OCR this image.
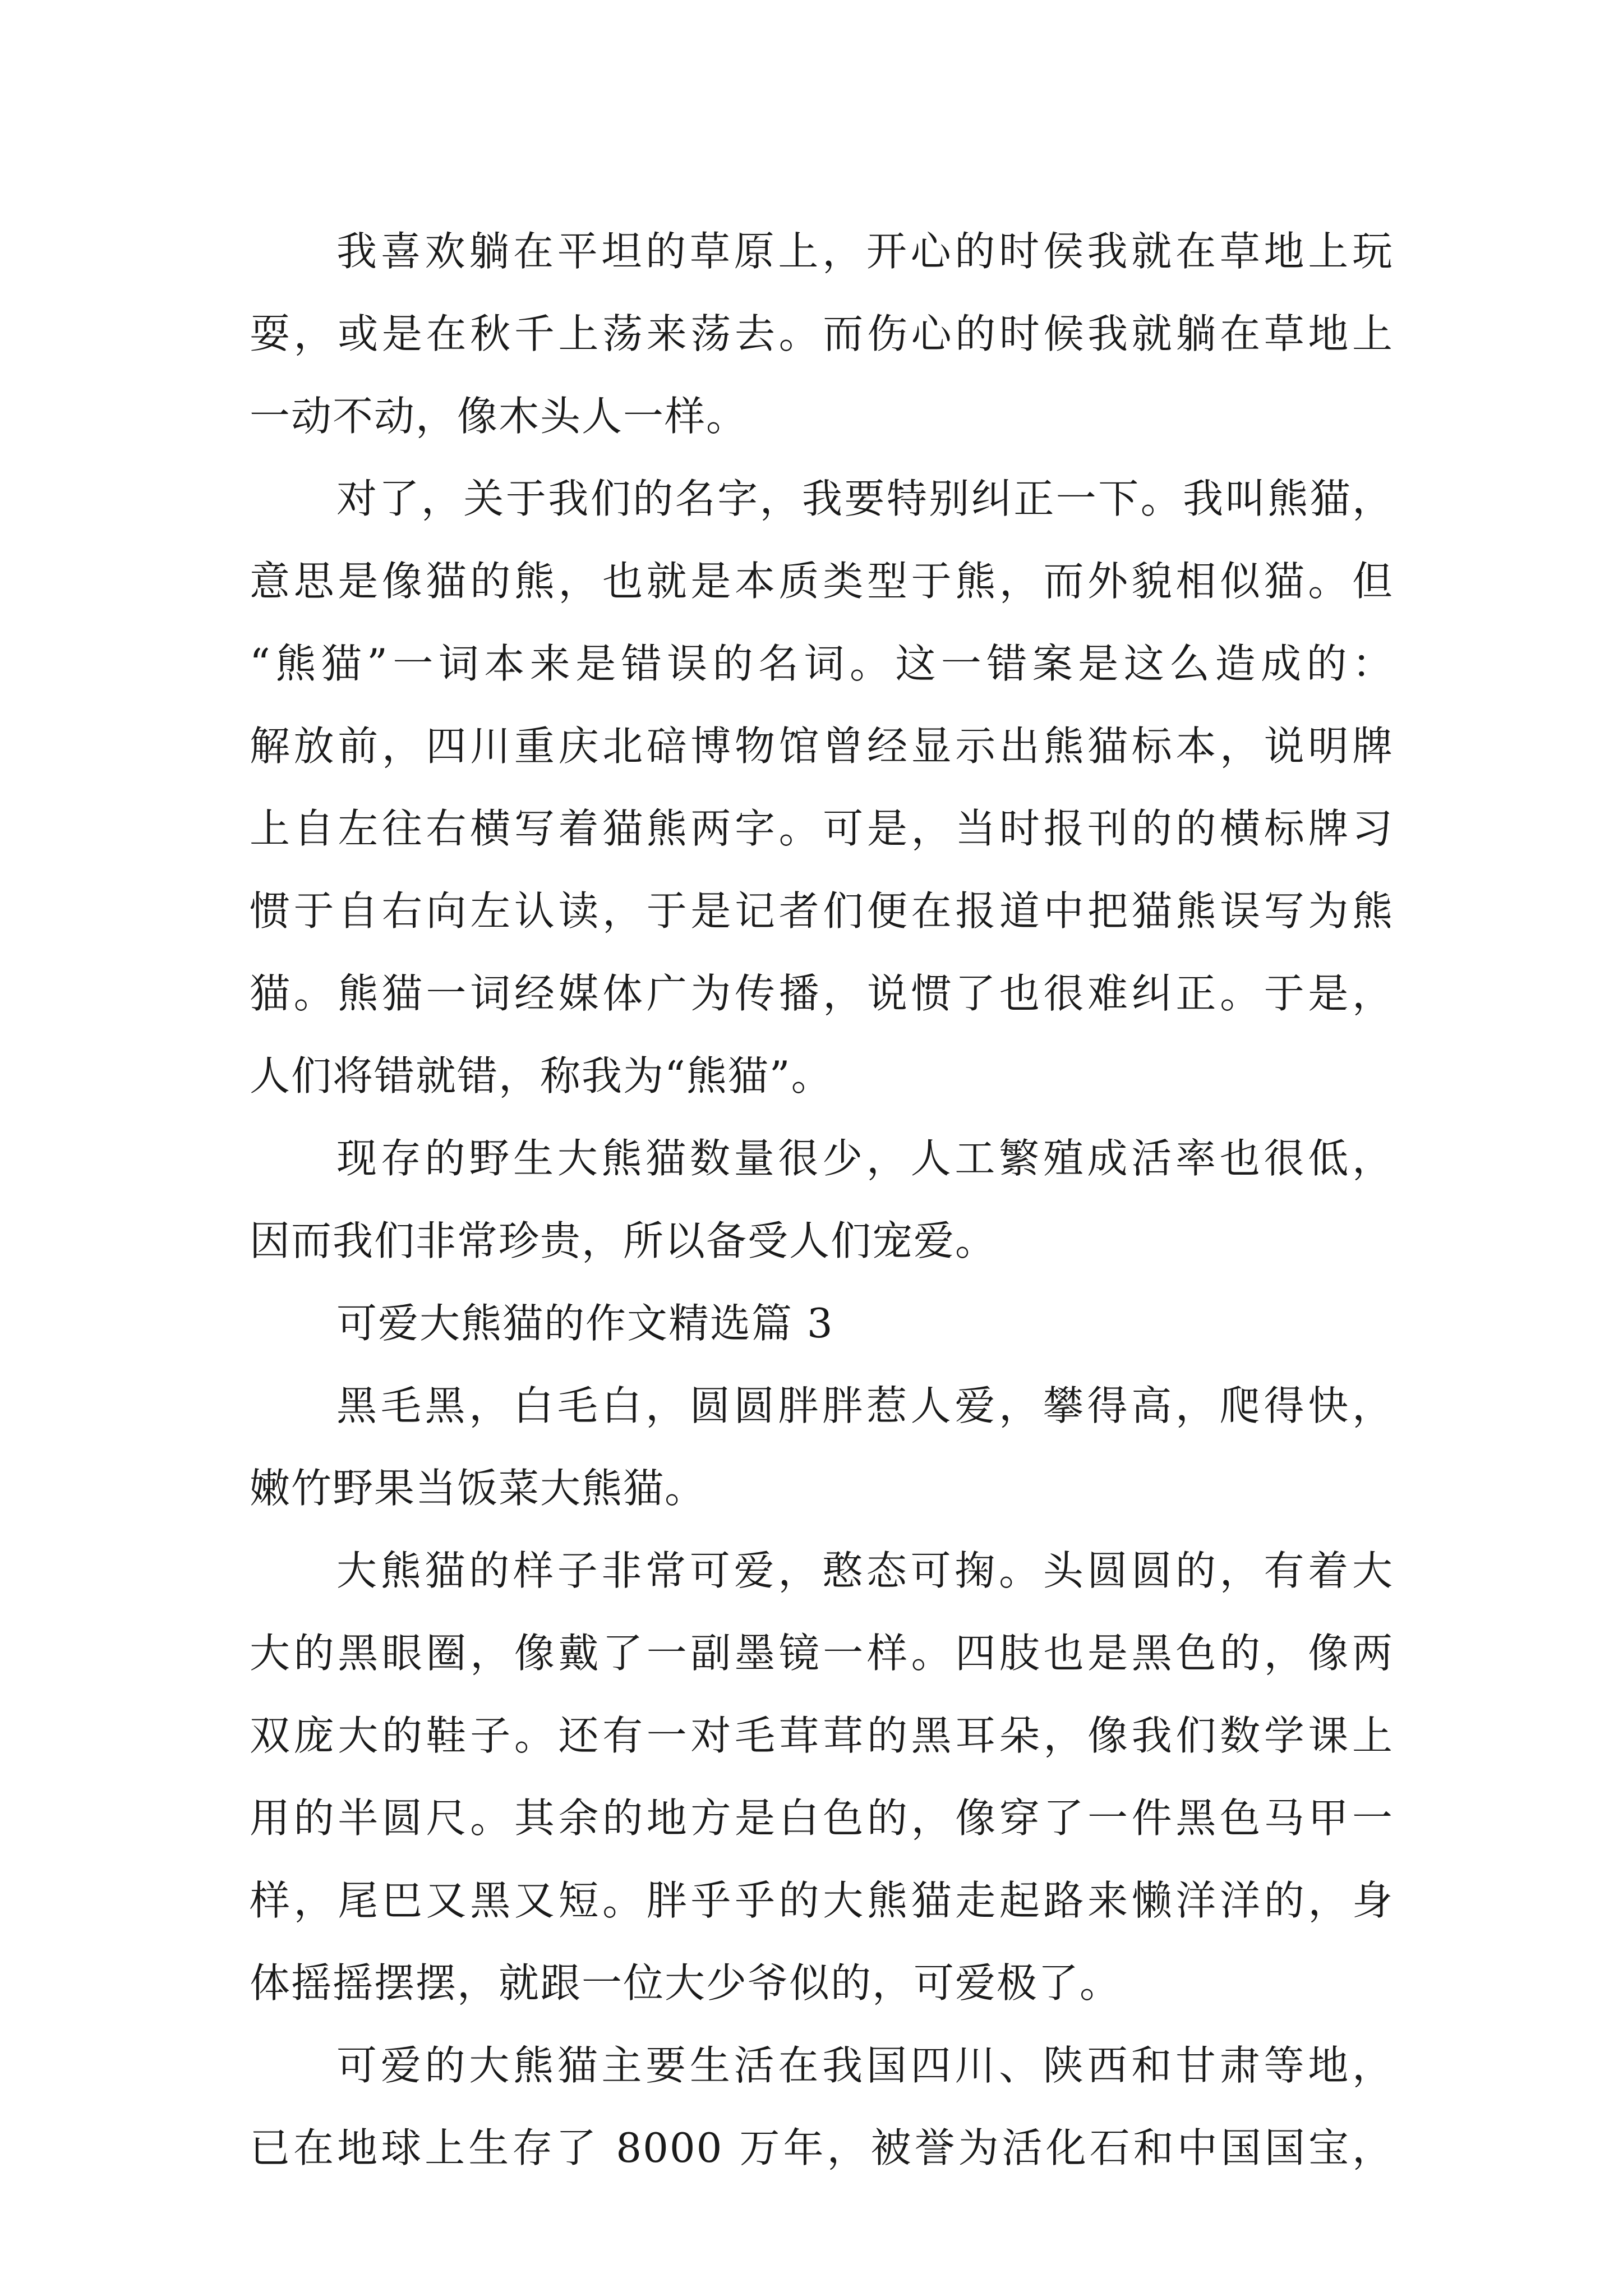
我喜欢躺在平坦的草原上，开心的时侯我就在草地上玩
耍，或是在秋千上荡来荡去。而伤心的时候我就躺在草地上
一动不动，像木头人一样。
对了，关于我们的名字，我要特别纠正一下。我叫熊猫，
意思是像猫的熊，也就是本质类型于熊，而外貌相似猫。但
“熊猫”一词本来是错误的名词。这一错案是这么造成的：
解放前，四川重庆北碚博物馆曾经显示出熊猫标本，说明牌
上自左往右横写着猫熊两字。可是，当时报刊的的横标牌习
惯于自右向左认读，于是记者们便在报道中把猫熊误写为熊
猫。熊猫一词经媒体广为传播，说惯了也很难纠正。于是，
人们将错就错，称我为“熊猫”。
现存的野生大熊猫数量很少，人工繁殖成活率也很低，
因而我们非常珍贵，所以备受人们宠爱。
可爱大熊猫的作文精选篇 3
黑毛黑，白毛白，圆圆胖胖惹人爱，攀得高，爬得快，
嫩竹野果当饭菜大熊猫。
大熊猫的样子非常可爱，憨态可掬。头圆圆的，有着大
大的黑眼圈，像戴了一副墨镜一样。四肢也是黑色的，像两
双庞大的鞋子。还有一对毛茸茸的黑耳朵，像我们数学课上
用的半圆尺。其余的地方是白色的，像穿了一件黑色马甲一
样，尾巴又黑又短。胖乎乎的大熊猫走起路来懒洋洋的，身
体摇摇摆摆，就跟一位大少爷似的，可爱极了。
可爱的大熊猫主要生活在我国四川、陕西和甘肃等地，
已在地球上生存了 8000 万年，被誉为活化石和中国国宝，
